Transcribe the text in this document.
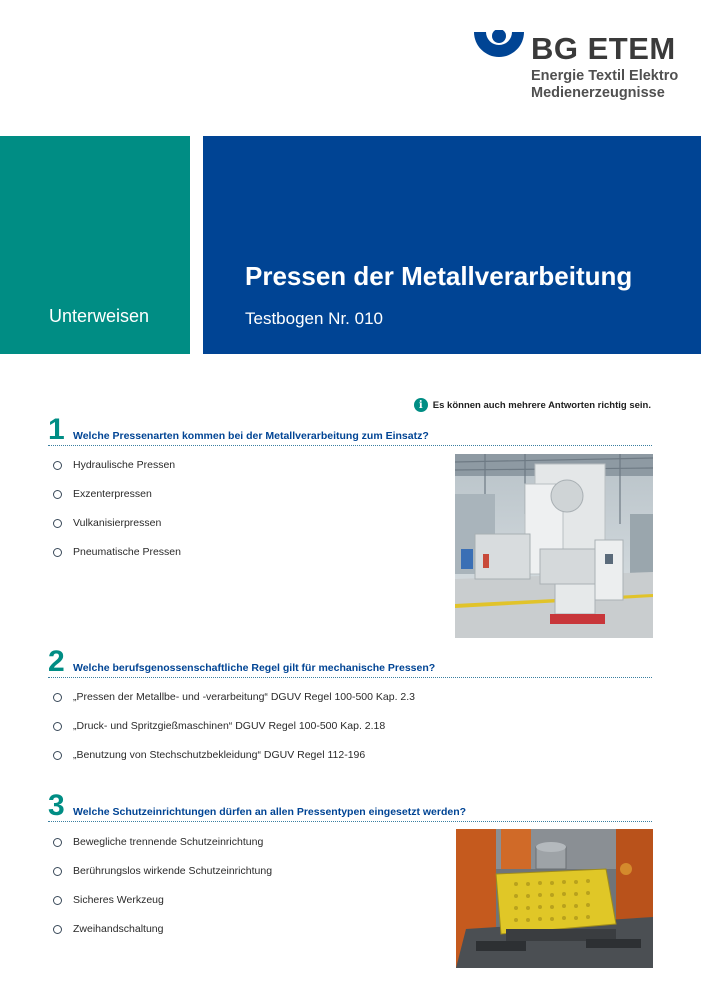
BG ETEM
Energie Textil Elektro
Medienerzeugnisse
Unterweisen
Pressen der Metallverarbeitung
Testbogen Nr. 010
i	Es können auch mehrere Antworten richtig sein.
1 Welche Pressenarten kommen bei der Metallverarbeitung zum Einsatz?
Hydraulische Pressen
Exzenterpressen
Vulkanisierpressen
Pneumatische Pressen
2 Welche berufsgenossenschaftliche Regel gilt für mechanische Pressen?
„Pressen der Metallbe- und -verarbeitung“ DGUV Regel 100-500 Kap. 2.3
„Druck- und Spritzgießmaschinen“ DGUV Regel 100-500 Kap. 2.18
„Benutzung von Stechschutzbekleidung“ DGUV Regel 112-196
3 Welche Schutzeinrichtungen dürfen an allen Pressentypen eingesetzt werden?
Bewegliche trennende Schutzeinrichtung
Berührungslos wirkende Schutzeinrichtung
Sicheres Werkzeug
Zweihandschaltung
